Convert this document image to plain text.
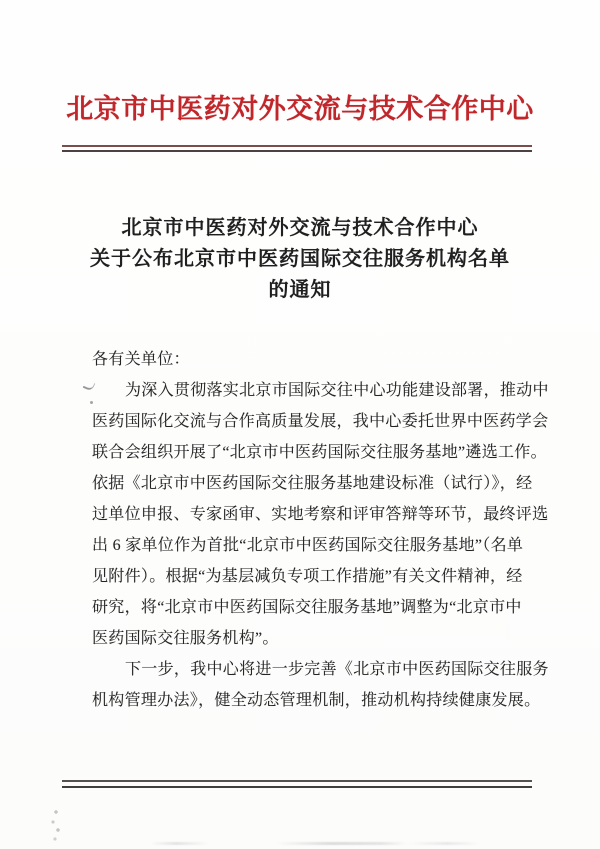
北京市中医药对外交流与技术合作中心
北京市中医药对外交流与技术合作中心
关于公布北京市中医药国际交往服务机构名单
的通知
各有关单位：
为深入贯彻落实北京市国际交往中心功能建设部署，推动中
医药国际化交流与合作高质量发展，我中心委托世界中医药学会
联合会组织开展了“北京市中医药国际交往服务基地”遴选工作。
依据《北京市中医药国际交往服务基地建设标准（试行）》，经
过单位申报、专家函审、实地考察和评审答辩等环节，最终评选
出 6 家单位作为首批“北京市中医药国际交往服务基地”（名单
见附件）。根据“为基层减负专项工作措施”有关文件精神，经
研究，将“北京市中医药国际交往服务基地”调整为“北京市中
医药国际交往服务机构”。
下一步，我中心将进一步完善《北京市中医药国际交往服务
机构管理办法》，健全动态管理机制，推动机构持续健康发展。
